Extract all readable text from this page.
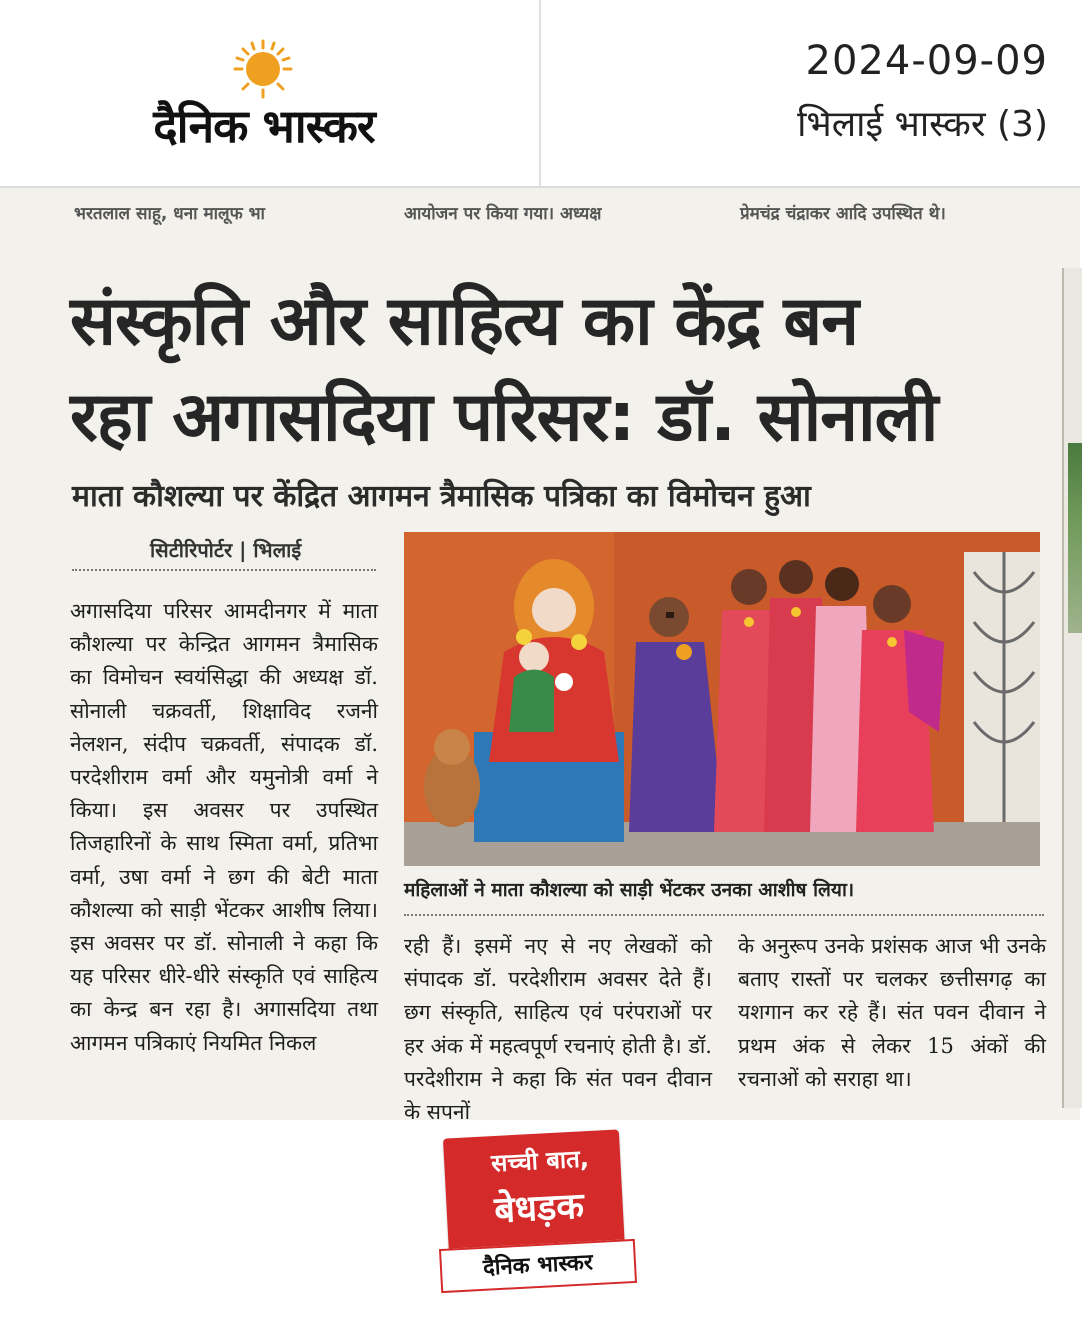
दैनिक भास्कर
2024-09-09
भिलाई भास्कर (3)
भरतलाल साहू, धना मालूफ भा	आयोजन पर किया गया। अध्यक्ष	प्रेमचंद्र चंद्राकर आदि उपस्थित थे।
संस्कृति और साहित्य का केंद्र बन
रहा अगासदिया परिसर: डॉ. सोनाली
माता कौशल्या पर केंद्रित आगमन त्रैमासिक पत्रिका का विमोचन हुआ
सिटीरिपोर्टर | भिलाई
अगासदिया परिसर आमदीनगर में माता कौशल्या पर केन्द्रित आगमन त्रैमासिक का विमोचन स्वयंसिद्धा की अध्यक्ष डॉ. सोनाली चक्रवर्ती, शिक्षाविद रजनी नेलशन, संदीप चक्रवर्ती, संपादक डॉ. परदेशीराम वर्मा और यमुनोत्री वर्मा ने किया। इस अवसर पर उपस्थित तिजहारिनों के साथ स्मिता वर्मा, प्रतिभा वर्मा, उषा वर्मा ने छग की बेटी माता कौशल्या को साड़ी भेंटकर आशीष लिया। इस अवसर पर डॉ. सोनाली ने कहा कि यह परिसर धीरे-धीरे संस्कृति एवं साहित्य का केन्द्र बन रहा है। अगासदिया तथा आगमन पत्रिकाएं नियमित निकल
महिलाओं ने माता कौशल्या को साड़ी भेंटकर उनका आशीष लिया।
रही हैं। इसमें नए से नए लेखकों को संपादक डॉ. परदेशीराम अवसर देते हैं। छग संस्कृति, साहित्य एवं परंपराओं पर हर अंक में महत्वपूर्ण रचनाएं होती है। डॉ. परदेशीराम ने कहा कि संत पवन दीवान के सपनों
के अनुरूप उनके प्रशंसक आज भी उनके बताए रास्तों पर चलकर छत्तीसगढ़ का यशगान कर रहे हैं। संत पवन दीवान ने प्रथम अंक से लेकर 15 अंकों की रचनाओं को सराहा था।
सच्ची बात,
बेधड़क
दैनिक भास्कर
